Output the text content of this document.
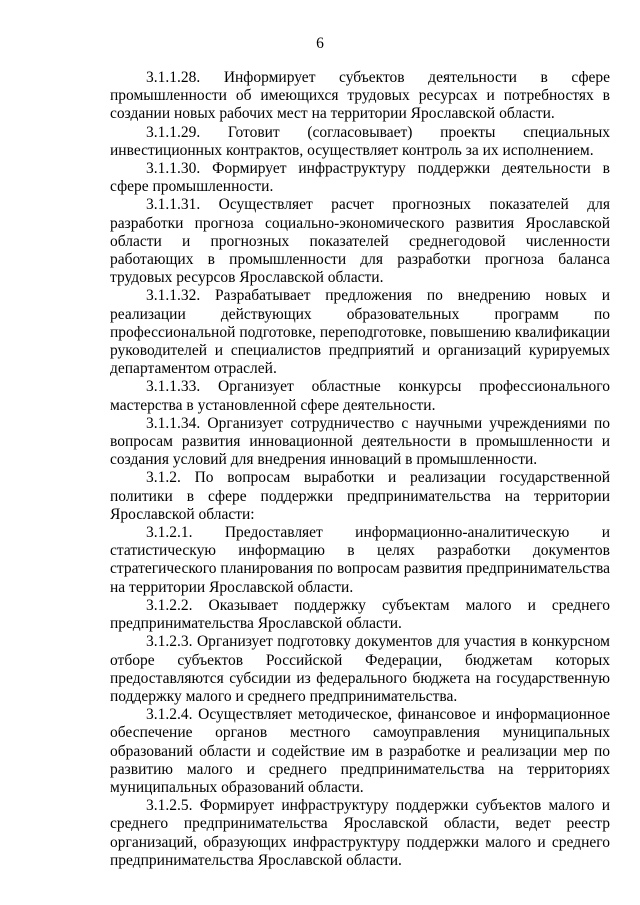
6

3.1.1.28. Информирует субъектов деятельности в сфере промышленности об имеющихся трудовых ресурсах и потребностях в создании новых рабочих мест на территории Ярославской области.

3.1.1.29. Готовит (согласовывает) проекты специальных инвестиционных контрактов, осуществляет контроль за их исполнением.

3.1.1.30. Формирует инфраструктуру поддержки деятельности в сфере промышленности.

3.1.1.31. Осуществляет расчет прогнозных показателей для разработки прогноза социально-экономического развития Ярославской области и прогнозных показателей среднегодовой численности работающих в промышленности для разработки прогноза баланса трудовых ресурсов Ярославской области.

3.1.1.32. Разрабатывает предложения по внедрению новых и реализации действующих образовательных программ по профессиональной подготовке, переподготовке, повышению квалификации руководителей и специалистов предприятий и организаций курируемых департаментом отраслей.

3.1.1.33. Организует областные конкурсы профессионального мастерства в установленной сфере деятельности.

3.1.1.34. Организует сотрудничество с научными учреждениями по вопросам развития инновационной деятельности в промышленности и создания условий для внедрения инноваций в промышленности.

3.1.2. По вопросам выработки и реализации государственной политики в сфере поддержки предпринимательства на территории Ярославской области:

3.1.2.1. Предоставляет информационно-аналитическую и статистическую информацию в целях разработки документов стратегического планирования по вопросам развития предпринимательства на территории Ярославской области.

3.1.2.2. Оказывает поддержку субъектам малого и среднего предпринимательства Ярославской области.

3.1.2.3. Организует подготовку документов для участия в конкурсном отборе субъектов Российской Федерации, бюджетам которых предоставляются субсидии из федерального бюджета на государственную поддержку малого и среднего предпринимательства.

3.1.2.4. Осуществляет методическое, финансовое и информационное обеспечение органов местного самоуправления муниципальных образований области и содействие им в разработке и реализации мер по развитию малого и среднего предпринимательства на территориях муниципальных образований области.

3.1.2.5. Формирует инфраструктуру поддержки субъектов малого и среднего предпринимательства Ярославской области, ведет реестр организаций, образующих инфраструктуру поддержки малого и среднего предпринимательства Ярославской области.
